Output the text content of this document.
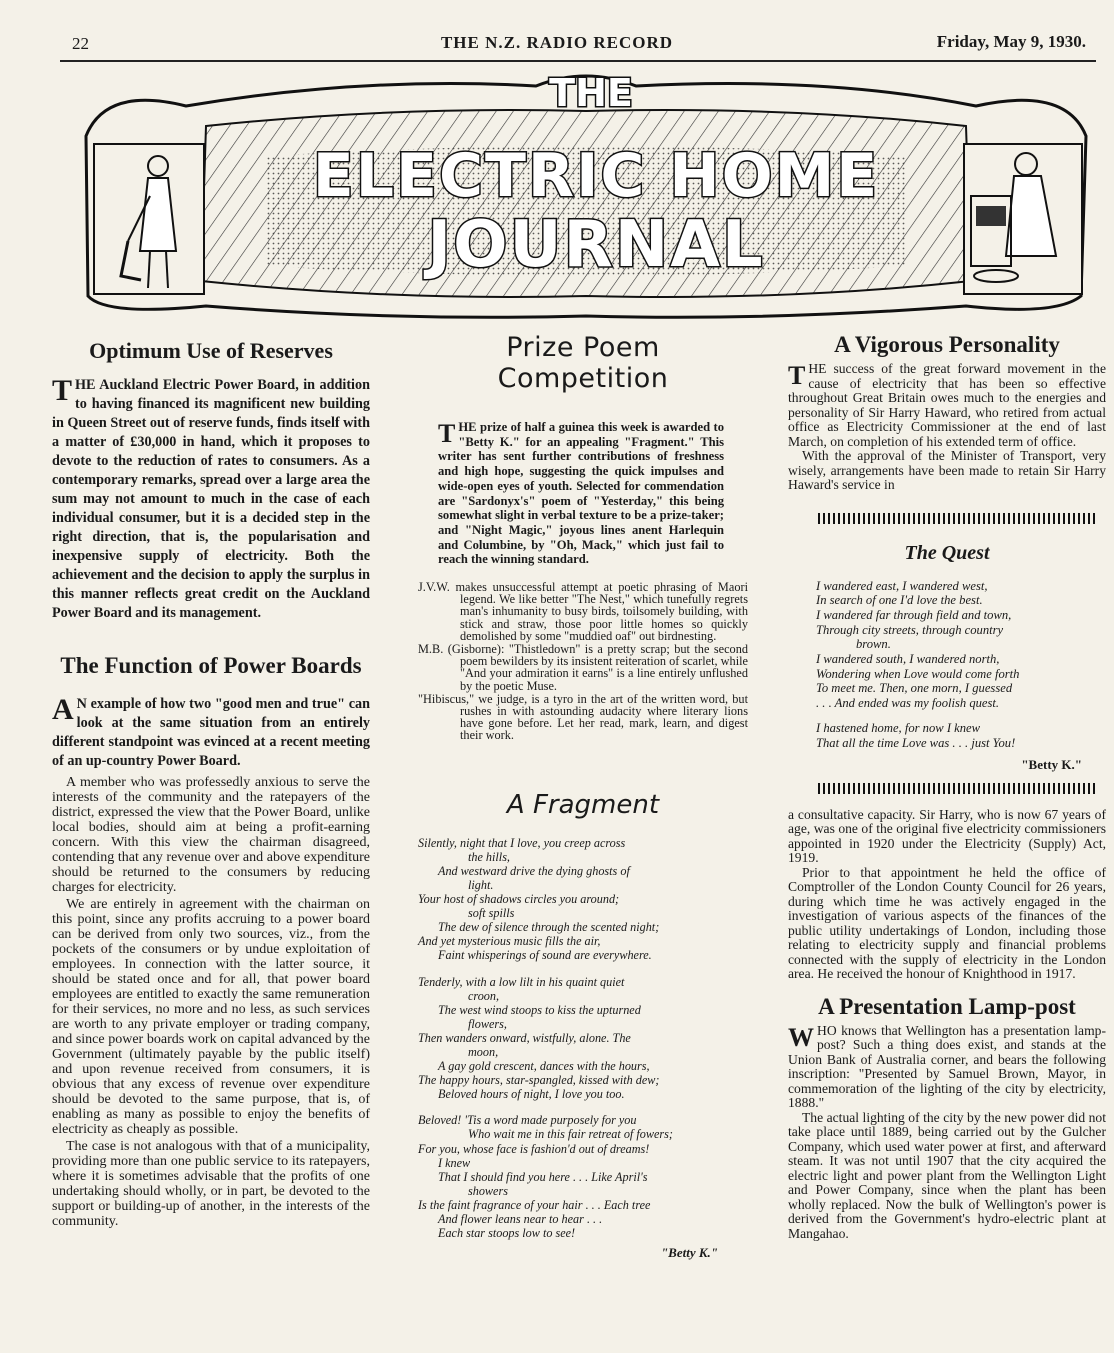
22	THE N.Z. RADIO RECORD	Friday, May 9, 1930.
THE
ELECTRIC HOME
JOURNAL
Optimum Use of Reserves

THE Auckland Electric Power Board, in addition to having financed its magnificent new building in Queen Street out of reserve funds, finds itself with a matter of £30,000 in hand, which it proposes to devote to the reduction of rates to consumers. As a contemporary remarks, spread over a large area the sum may not amount to much in the case of each individual consumer, but it is a decided step in the right direction, that is, the popularisation and inexpensive supply of electricity. Both the achievement and the decision to apply the surplus in this manner reflects great credit on the Auckland Power Board and its management.

The Function of Power Boards

A N example of how two "good men and true" can look at the same situation from an entirely different standpoint was evinced at a recent meeting of an up-country Power Board.

A member who was professedly anxious to serve the interests of the community and the ratepayers of the district, expressed the view that the Power Board, unlike local bodies, should aim at being a profit-earning concern. With this view the chairman disagreed, contending that any revenue over and above expenditure should be returned to the consumers by reducing charges for electricity.

We are entirely in agreement with the chairman on this point, since any profits accruing to a power board can be derived from only two sources, viz., from the pockets of the consumers or by undue exploitation of employees. In connection with the latter source, it should be stated once and for all, that power board employees are entitled to exactly the same remuneration for their services, no more and no less, as such services are worth to any private employer or trading company, and since power boards work on capital advanced by the Government (ultimately payable by the public itself) and upon revenue received from consumers, it is obvious that any excess of revenue over expenditure should be devoted to the same purpose, that is, of enabling as many as possible to enjoy the benefits of electricity as cheaply as possible.

The case is not analogous with that of a municipality, providing more than one public service to its ratepayers, where it is sometimes advisable that the profits of one undertaking should wholly, or in part, be devoted to the support or building-up of another, in the interests of the community.

Prize Poem Competition

THE prize of half a guinea this week is awarded to "Betty K." for an appealing "Fragment." This writer has sent further contributions of freshness and high hope, suggesting the quick impulses and wide-open eyes of youth. Selected for commendation are "Sardonyx's" poem of "Yesterday," this being somewhat slight in verbal texture to be a prize-taker; and "Night Magic," joyous lines anent Harlequin and Columbine, by "Oh, Mack," which just fail to reach the winning standard.

J.V.W. makes unsuccessful attempt at poetic phrasing of Maori legend. We like better "The Nest," which tunefully regrets man's inhumanity to busy birds, toilsomely building, with stick and straw, those poor little homes so quickly demolished by some "muddied oaf" out birdnesting.

M.B. (Gisborne): "Thistledown" is a pretty scrap; but the second poem bewilders by its insistent reiteration of scarlet, while "And your admiration it earns" is a line entirely unflushed by the poetic Muse.

"Hibiscus," we judge, is a tyro in the art of the written word, but rushes in with astounding audacity where literary lions have gone before. Let her read, mark, learn, and digest their work.

A Fragment
Silently, night that I love, you creep across
the hills,
And westward drive the dying ghosts of
light.
Your host of shadows circles you around;
soft spills
The dew of silence through the scented night;
And yet mysterious music fills the air,
Faint whisperings of sound are everywhere.
Tenderly, with a low lilt in his quaint quiet
croon,
The west wind stoops to kiss the upturned
flowers,
Then wanders onward, wistfully, alone. The
moon,
A gay gold crescent, dances with the hours,
The happy hours, star-spangled, kissed with dew;
Beloved hours of night, I love you too.
Beloved! 'Tis a word made purposely for you
Who wait me in this fair retreat of fowers;
For you, whose face is fashion'd out of dreams!
I knew
That I should find you here . . . Like April's
showers
Is the faint fragrance of your hair . . . Each tree
And flower leans near to hear . . .
Each star stoops low to see!

"Betty K."

A Vigorous Personality

THE success of the great forward movement in the cause of electricity that has been so effective throughout Great Britain owes much to the energies and personality of Sir Harry Haward, who retired from actual office as Electricity Commissioner at the end of last March, on completion of his extended term of office.

With the approval of the Minister of Transport, very wisely, arrangements have been made to retain Sir Harry Haward's service in

The Quest
I wandered east, I wandered west,
In search of one I'd love the best.
I wandered far through field and town,
Through city streets, through country
brown.
I wandered south, I wandered north,
Wondering when Love would come forth
To meet me. Then, one morn, I guessed
. . . And ended was my foolish quest.
I hastened home, for now I knew
That all the time Love was . . . just You!

"Betty K."

a consultative capacity. Sir Harry, who is now 67 years of age, was one of the original five electricity commissioners appointed in 1920 under the Electricity (Supply) Act, 1919.

Prior to that appointment he held the office of Comptroller of the London County Council for 26 years, during which time he was actively engaged in the investigation of various aspects of the finances of the public utility undertakings of London, including those relating to electricity supply and financial problems connected with the supply of electricity in the London area. He received the honour of Knighthood in 1917.

A Presentation Lamp-post

WHO knows that Wellington has a presentation lamp-post? Such a thing does exist, and stands at the Union Bank of Australia corner, and bears the following inscription: "Presented by Samuel Brown, Mayor, in commemoration of the lighting of the city by electricity, 1888."

The actual lighting of the city by the new power did not take place until 1889, being carried out by the Gulcher Company, which used water power at first, and afterward steam. It was not until 1907 that the city acquired the electric light and power plant from the Wellington Light and Power Company, since when the plant has been wholly replaced. Now the bulk of Wellington's power is derived from the Government's hydro-electric plant at Mangahao.
